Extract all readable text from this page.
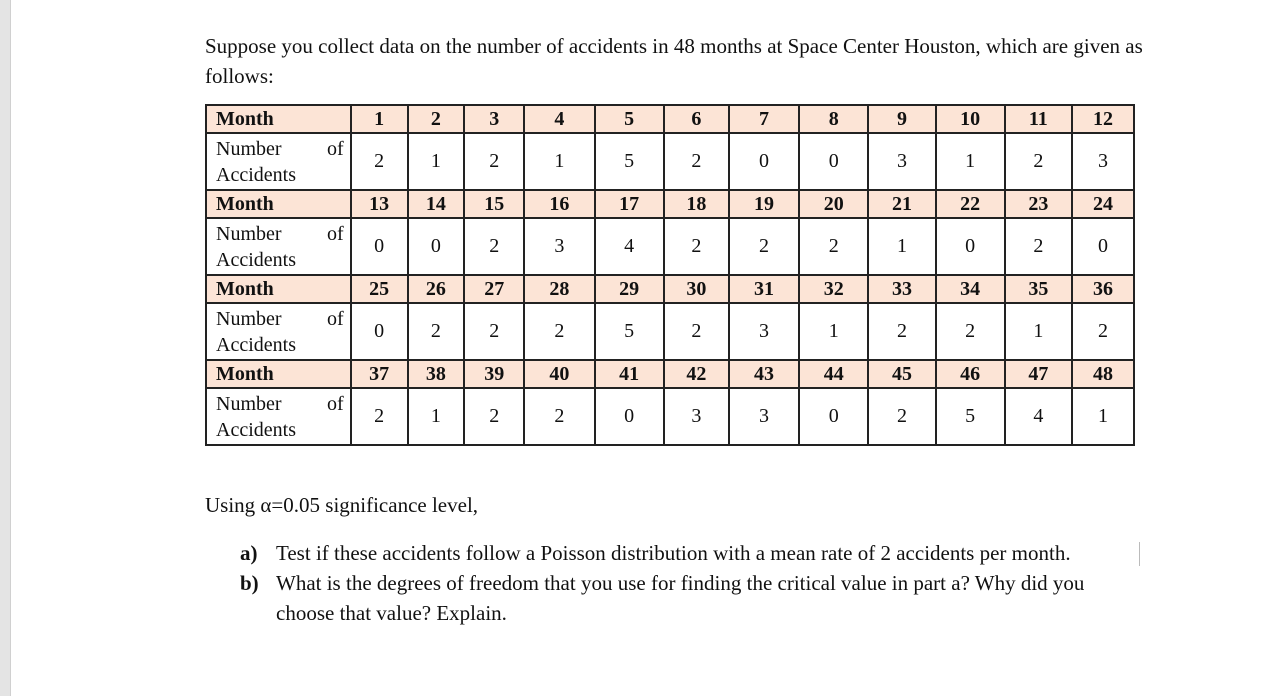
Suppose you collect data on the number of accidents in 48 months at Space Center Houston, which are given as follows:

Month	1	2	3	4	5	6	7	8	9	10	11	12

Number of
Accidents	2	1	2	1	5	2	0	0	3	1	2	3
Month	13	14	15	16	17	18	19	20	21	22	23	24

Number of
Accidents	0	0	2	3	4	2	2	2	1	0	2	0
Month	25	26	27	28	29	30	31	32	33	34	35	36

Number of
Accidents	0	2	2	2	5	2	3	1	2	2	1	2
Month	37	38	39	40	41	42	43	44	45	46	47	48

Number of
Accidents	2	1	2	2	0	3	3	0	2	5	4	1

Using α=0.05 significance level,

a) Test if these accidents follow a Poisson distribution with a mean rate of 2 accidents per month.
b) What is the degrees of freedom that you use for finding the critical value in part a? Why did you choose that value? Explain.
